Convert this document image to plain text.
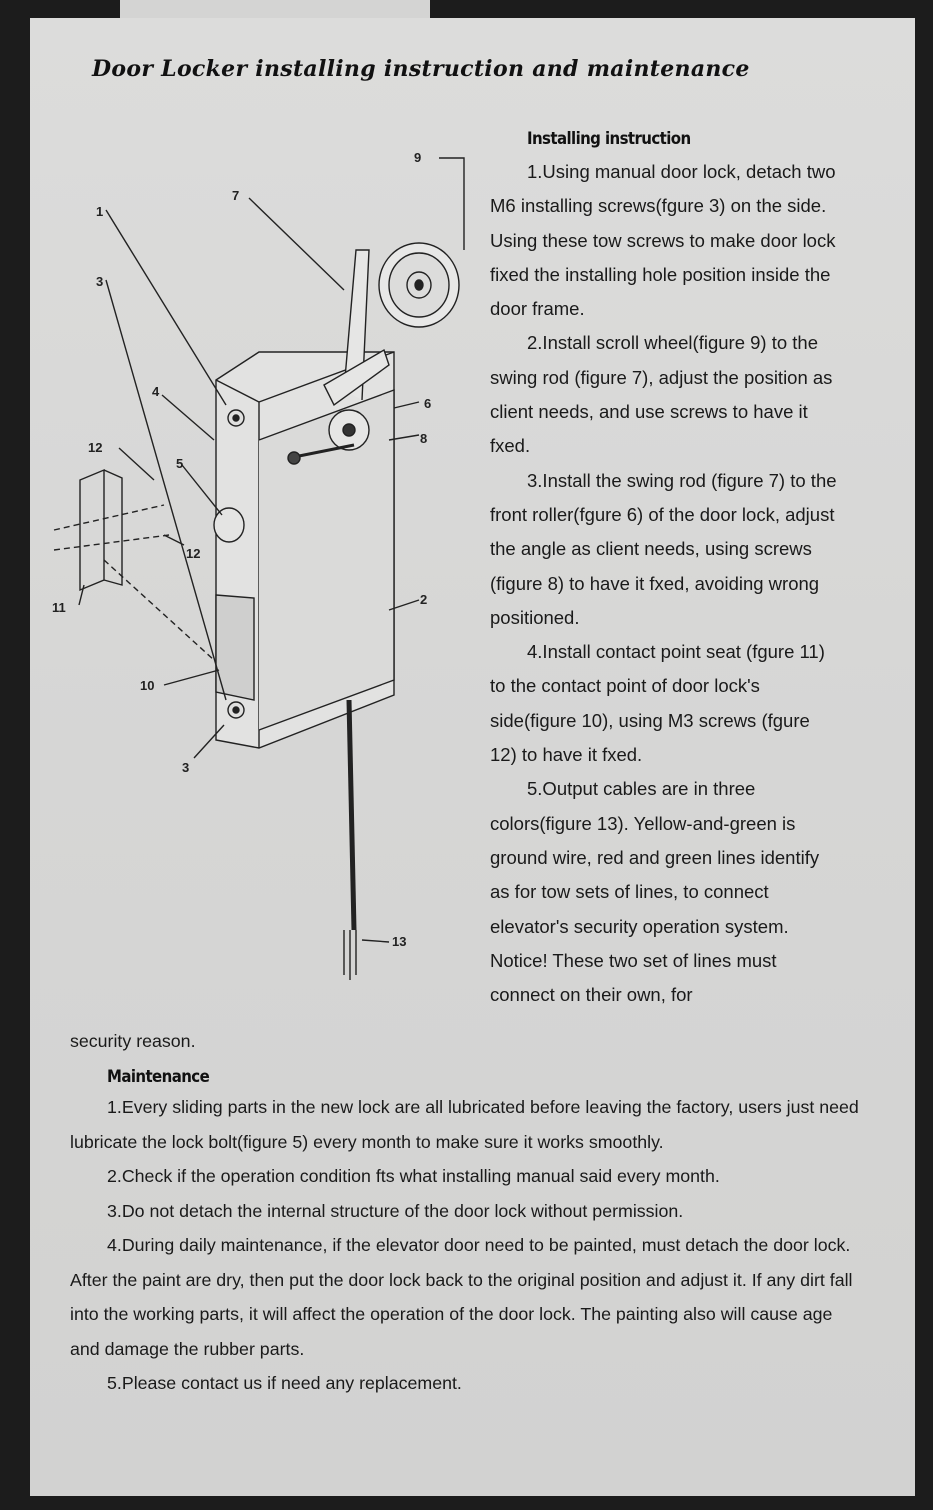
Door Locker installing instruction and maintenance
1
3
4
5
7
9
12
12
6
8
2
11
10
3
13
Installing instruction

1.Using manual door lock, detach two M6 installing screws(fgure 3) on the side. Using these tow screws to make door lock fixed the installing hole position inside the door frame.

2.Install scroll wheel(figure 9) to the swing rod (figure 7), adjust the position as client needs, and use screws to have it fxed.

3.Install the swing rod (figure 7) to the front roller(fgure 6) of the door lock, adjust the angle as client needs, using screws (figure 8) to have it fxed, avoiding wrong positioned.

4.Install contact point seat (fgure 11) to the contact point of door lock's side(figure 10), using M3 screws (fgure 12) to have it fxed.

5.Output cables are in three colors(figure 13). Yellow-and-green is ground wire, red and green lines identify as for tow sets of lines, to connect elevator's security operation system. Notice! These two set of lines must connect on their own, for

security reason.

Maintenance

1.Every sliding parts in the new lock are all lubricated before leaving the factory, users just need lubricate the lock bolt(figure 5) every month to make sure it works smoothly.

2.Check if the operation condition fts what installing manual said every month.

3.Do not detach the internal structure of the door lock without permission.

4.During daily maintenance, if the elevator door need to be painted, must detach the door lock. After the paint are dry, then put the door lock back to the original position and adjust it. If any dirt fall into the working parts, it will affect the operation of the door lock. The painting also will cause age and damage the rubber parts.

5.Please contact us if need any replacement.
